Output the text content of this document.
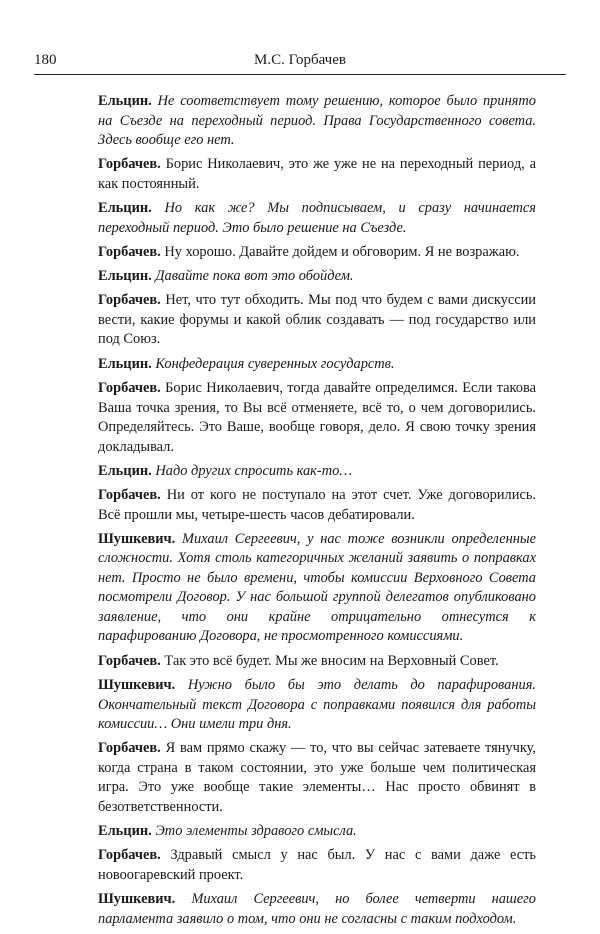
180	М.С. Горбачев

Ельцин. Не соответствует тому решению, которое было принято на Съезде на переходный период. Права Государственного совета. Здесь вообще его нет.

Горбачев. Борис Николаевич, это же уже не на переходный период, а как постоянный.

Ельцин. Но как же? Мы подписываем, и сразу начинается переходный период. Это было решение на Съезде.

Горбачев. Ну хорошо. Давайте дойдем и обговорим. Я не возражаю.

Ельцин. Давайте пока вот это обойдем.

Горбачев. Нет, что тут обходить. Мы под что будем с вами дискуссии вести, какие форумы и какой облик создавать — под государство или под Союз.

Ельцин. Конфедерация суверенных государств.

Горбачев. Борис Николаевич, тогда давайте определимся. Если такова Ваша точка зрения, то Вы всё отменяете, всё то, о чем договорились. Определяйтесь. Это Ваше, вообще говоря, дело. Я свою точку зрения докладывал.

Ельцин. Надо других спросить как-то…

Горбачев. Ни от кого не поступало на этот счет. Уже договорились. Всё прошли мы, четыре-шесть часов дебатировали.

Шушкевич. Михаил Сергеевич, у нас тоже возникли определенные сложности. Хотя столь категоричных желаний заявить о поправках нет. Просто не было времени, чтобы комиссии Верховного Совета посмотрели Договор. У нас большой группой делегатов опубликовано заявление, что они крайне отрицательно отнесутся к парафированию Договора, не просмотренного комиссиями.

Горбачев. Так это всё будет. Мы же вносим на Верховный Совет.

Шушкевич. Нужно было бы это делать до парафирования. Окончательный текст Договора с поправками появился для работы комиссии… Они имели три дня.

Горбачев. Я вам прямо скажу — то, что вы сейчас затеваете тянучку, когда страна в таком состоянии, это уже больше чем политическая игра. Это уже вообще такие элементы… Нас просто обвинят в безответственности.

Ельцин. Это элементы здравого смысла.

Горбачев. Здравый смысл у нас был. У нас с вами даже есть новоогаревский проект.

Шушкевич. Михаил Сергеевич, но более четверти нашего парламента заявило о том, что они не согласны с таким подходом.
